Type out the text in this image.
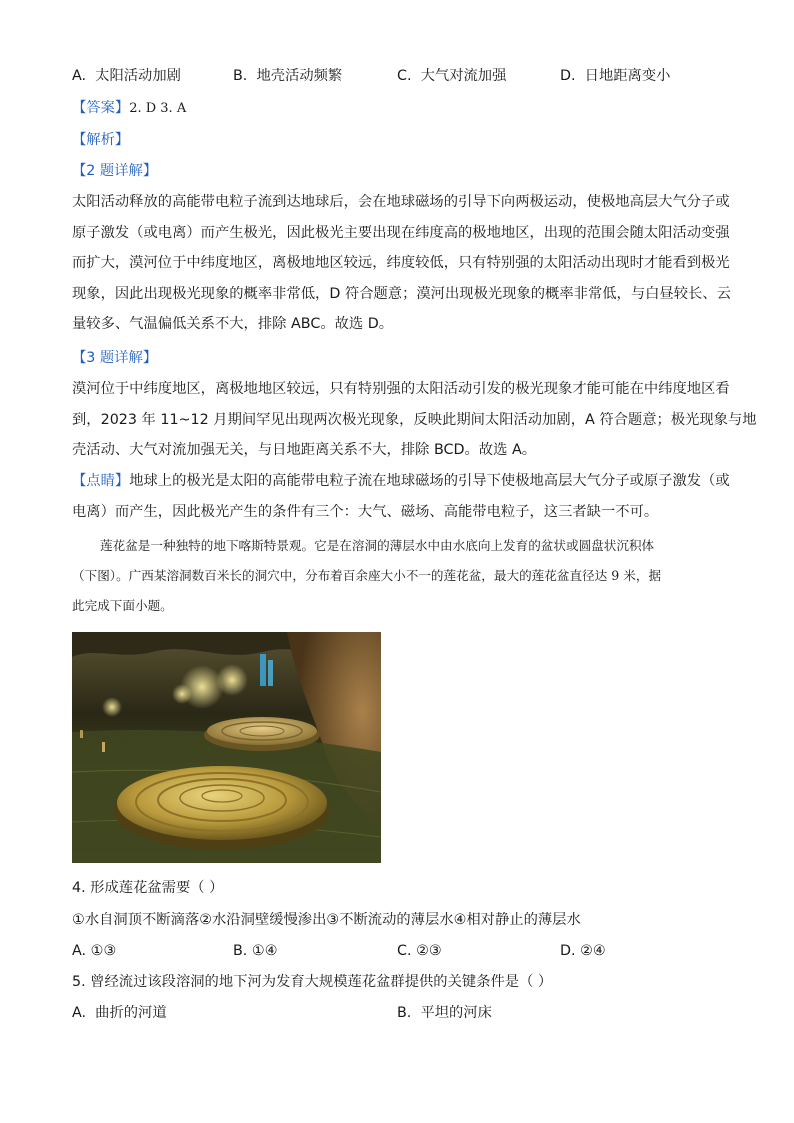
A. 太阳活动加剧	B. 地壳活动频繁	C. 大气对流加强	D. 日地距离变小
【答案】2. D 3. A
【解析】
【2 题详解】
太阳活动释放的高能带电粒子流到达地球后，会在地球磁场的引导下向两极运动，使极地高层大气分子或
原子激发（或电离）而产生极光，因此极光主要出现在纬度高的极地地区，出现的范围会随太阳活动变强
而扩大，漠河位于中纬度地区，离极地地区较远，纬度较低，只有特别强的太阳活动出现时才能看到极光
现象，因此出现极光现象的概率非常低，D 符合题意；漠河出现极光现象的概率非常低，与白昼较长、云
量较多、气温偏低关系不大，排除 ABC。故选 D。
【3 题详解】
漠河位于中纬度地区，离极地地区较远，只有特别强的太阳活动引发的极光现象才能可能在中纬度地区看
到，2023 年 11~12 月期间罕见出现两次极光现象，反映此期间太阳活动加剧，A 符合题意；极光现象与地
壳活动、大气对流加强无关，与日地距离关系不大，排除 BCD。故选 A。
【点睛】地球上的极光是太阳的高能带电粒子流在地球磁场的引导下使极地高层大气分子或原子激发（或
电离）而产生，因此极光产生的条件有三个：大气、磁场、高能带电粒子，这三者缺一不可。
莲花盆是一种独特的地下喀斯特景观。它是在溶洞的薄层水中由水底向上发育的盆状或圆盘状沉积体
（下图）。广西某溶洞数百米长的洞穴中，分布着百余座大小不一的莲花盆，最大的莲花盆直径达 9 米，据
此完成下面小题。
4. 形成莲花盆需要（ ）
①水自洞顶不断滴落②水沿洞壁缓慢渗出③不断流动的薄层水④相对静止的薄层水
A. ①③	B. ①④	C. ②③	D. ②④
5. 曾经流过该段溶洞的地下河为发育大规模莲花盆群提供的关键条件是（ ）
A. 曲折的河道	B. 平坦的河床
